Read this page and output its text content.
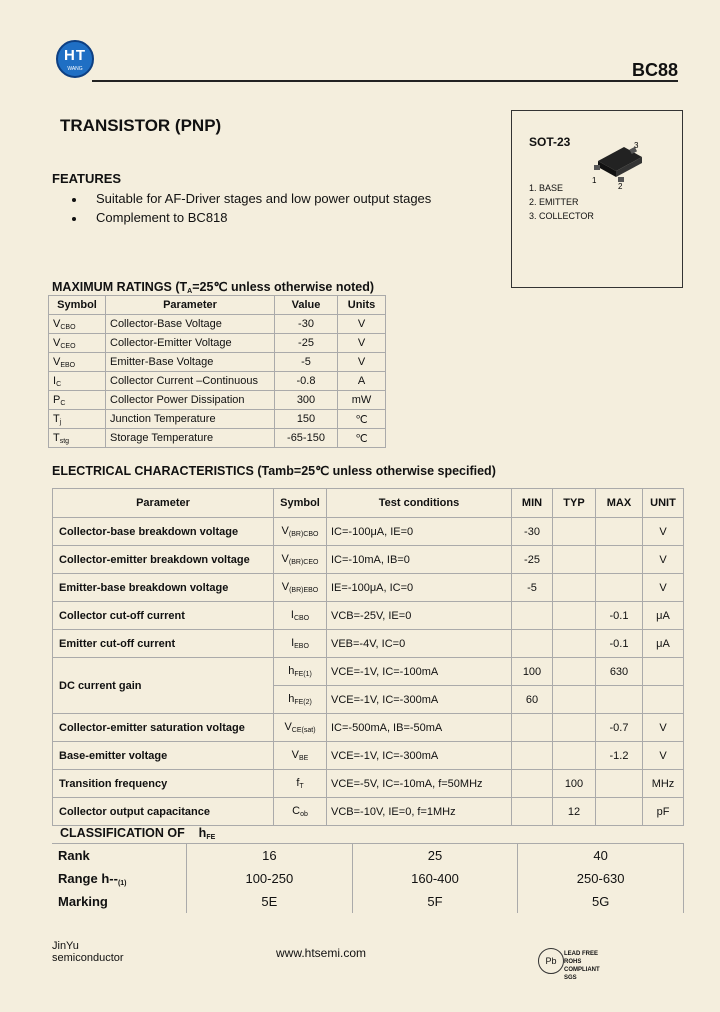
HT
WANG	BC88
TRANSISTOR (PNP)
FEATURES
Suitable for AF-Driver stages and low power output stages
Complement to BC818
SOT-23	3
1
2
1. BASE
2. EMITTER
3. COLLECTOR
MAXIMUM RATINGS ($T_A=25℃$ unless otherwise noted)
Symbol	Parameter	Value	Units
$V_{CBO}$	Collector-Base Voltage	-30	V
$V_{CEO}$	Collector-Emitter Voltage	-25	V
$V_{EBO}$	Emitter-Base Voltage	-5	V
$I_C$	Collector Current –Continuous	-0.8	A
$P_C$	Collector Power Dissipation	300	mW
$T_j$	Junction Temperature	150	℃
$T_{stg}$	Storage Temperature	-65-150	℃
ELECTRICAL CHARACTERISTICS (Tamb=25℃ unless otherwise specified)
Parameter	Symbol	Test conditions	MIN	TYP	MAX	UNIT
Collector-base breakdown voltage	$V_{(BR)CBO}$	IC=-100μA, IE=0	-30			V
Collector-emitter breakdown voltage	$V_{(BR)CEO}$	IC=-10mA, IB=0	-25			V
Emitter-base breakdown voltage	$V_{(BR)EBO}$	IE=-100μA, IC=0	-5			V
Collector cut-off current	$I_{CBO}$	VCB=-25V, IE=0			-0.1	μA
Emitter cut-off current	$I_{EBO}$	VEB=-4V, IC=0			-0.1	μA
DC current gain	$h_{FE(1)}$	VCE=-1V, IC=-100mA	100		630	
	$h_{FE(2)}$	VCE=-1V, IC=-300mA	60			
Collector-emitter saturation voltage	$V_{CE(sat)}$	IC=-500mA, IB=-50mA			-0.7	V
Base-emitter voltage	$V_{BE}$	VCE=-1V, IC=-300mA			-1.2	V
Transition frequency	$f_T$	VCE=-5V, IC=-10mA, f=50MHz		100		MHz
Collector output capacitance	$C_{ob}$	VCB=-10V, IE=0, f=1MHz		12		pF
CLASSIFICATION OF $h_{FE}$
Rank	16	25	40
Range $h--_{(1)}$	100-250	160-400	250-630
Marking	5E	5F	5G
JinYu
semiconductor	www.htsemi.com
Pb
LEAD FREE
ROHS
COMPLIANT
SGS
